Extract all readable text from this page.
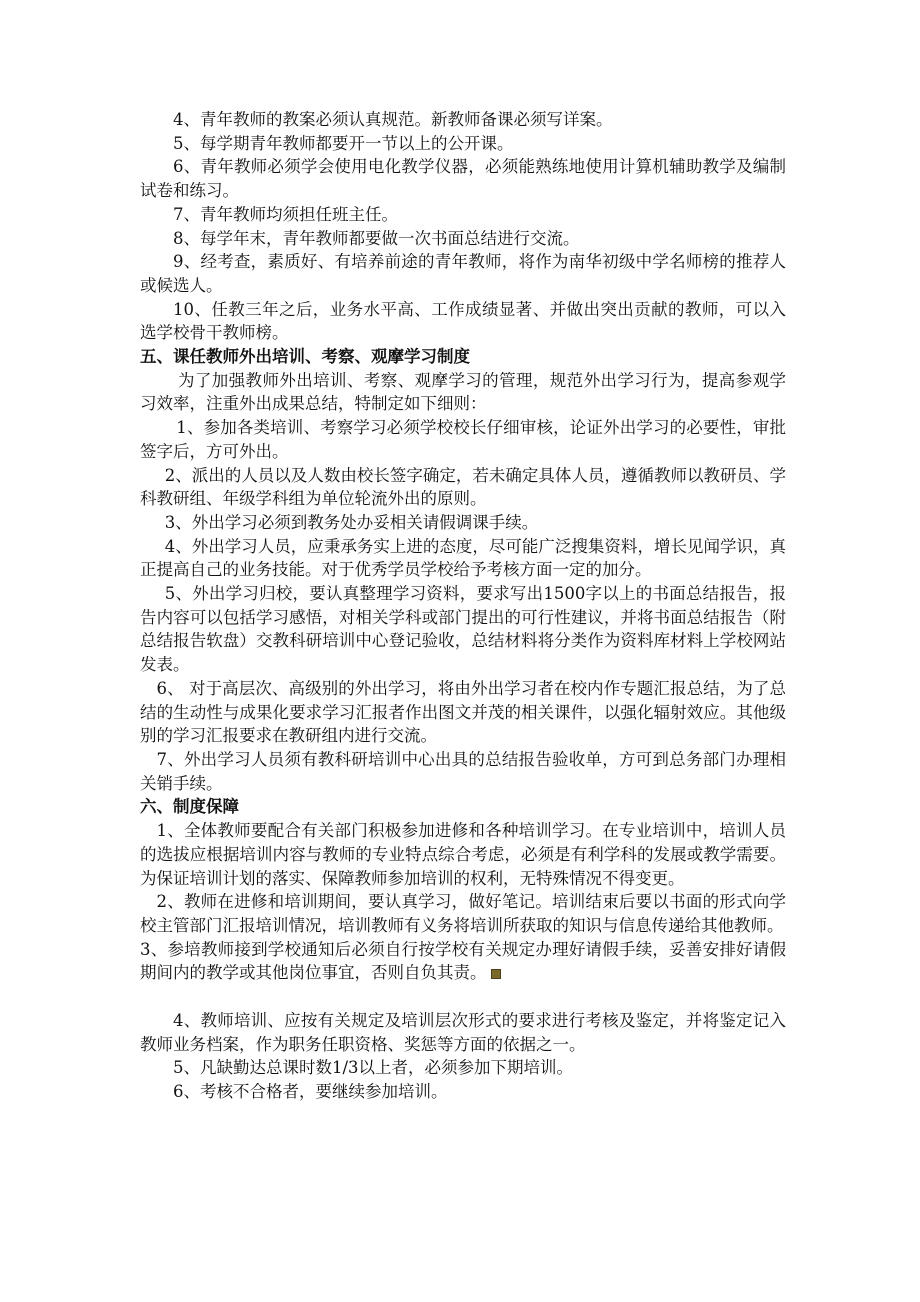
4、青年教师的教案必须认真规范。新教师备课必须写详案。

5、每学期青年教师都要开一节以上的公开课。

6、青年教师必须学会使用电化教学仪器，必须能熟练地使用计算机辅助教学及编制试卷和练习。

7、青年教师均须担任班主任。

8、每学年末，青年教师都要做一次书面总结进行交流。

9、经考查，素质好、有培养前途的青年教师，将作为南华初级中学名师榜的推荐人或候选人。

10、任教三年之后，业务水平高、工作成绩显著、并做出突出贡献的教师，可以入选学校骨干教师榜。

五、课任教师外出培训、考察、观摩学习制度

为了加强教师外出培训、考察、观摩学习的管理，规范外出学习行为，提高参观学习效率，注重外出成果总结，特制定如下细则：

1、参加各类培训、考察学习必须学校校长仔细审核，论证外出学习的必要性，审批签字后，方可外出。

2、派出的人员以及人数由校长签字确定，若未确定具体人员，遵循教师以教研员、学科教研组、年级学科组为单位轮流外出的原则。

3、外出学习必须到教务处办妥相关请假调课手续。

4、外出学习人员，应秉承务实上进的态度，尽可能广泛搜集资料，增长见闻学识，真正提高自己的业务技能。对于优秀学员学校给予考核方面一定的加分。

5、外出学习归校，要认真整理学习资料，要求写出1500字以上的书面总结报告，报告内容可以包括学习感悟，对相关学科或部门提出的可行性建议，并将书面总结报告（附总结报告软盘）交教科研培训中心登记验收，总结材料将分类作为资料库材料上学校网站发表。

6、 对于高层次、高级别的外出学习，将由外出学习者在校内作专题汇报总结，为了总结的生动性与成果化要求学习汇报者作出图文并茂的相关课件，以强化辐射效应。其他级别的学习汇报要求在教研组内进行交流。

7、外出学习人员须有教科研培训中心出具的总结报告验收单，方可到总务部门办理相关销手续。

六、制度保障

1、全体教师要配合有关部门积极参加进修和各种培训学习。在专业培训中，培训人员的选拔应根据培训内容与教师的专业特点综合考虑，必须是有利学科的发展或教学需要。为保证培训计划的落实、保障教师参加培训的权利，无特殊情况不得变更。

2、教师在进修和培训期间，要认真学习，做好笔记。培训结束后要以书面的形式向学校主管部门汇报培训情况，培训教师有义务将培训所获取的知识与信息传递给其他教师。

3、参培教师接到学校通知后必须自行按学校有关规定办理好请假手续，妥善安排好请假期间内的教学或其他岗位事宜，否则自负其责。

4、教师培训、应按有关规定及培训层次形式的要求进行考核及鉴定，并将鉴定记入教师业务档案，作为职务任职资格、奖惩等方面的依据之一。

5、凡缺勤达总课时数1/3以上者，必须参加下期培训。

6、考核不合格者，要继续参加培训。
